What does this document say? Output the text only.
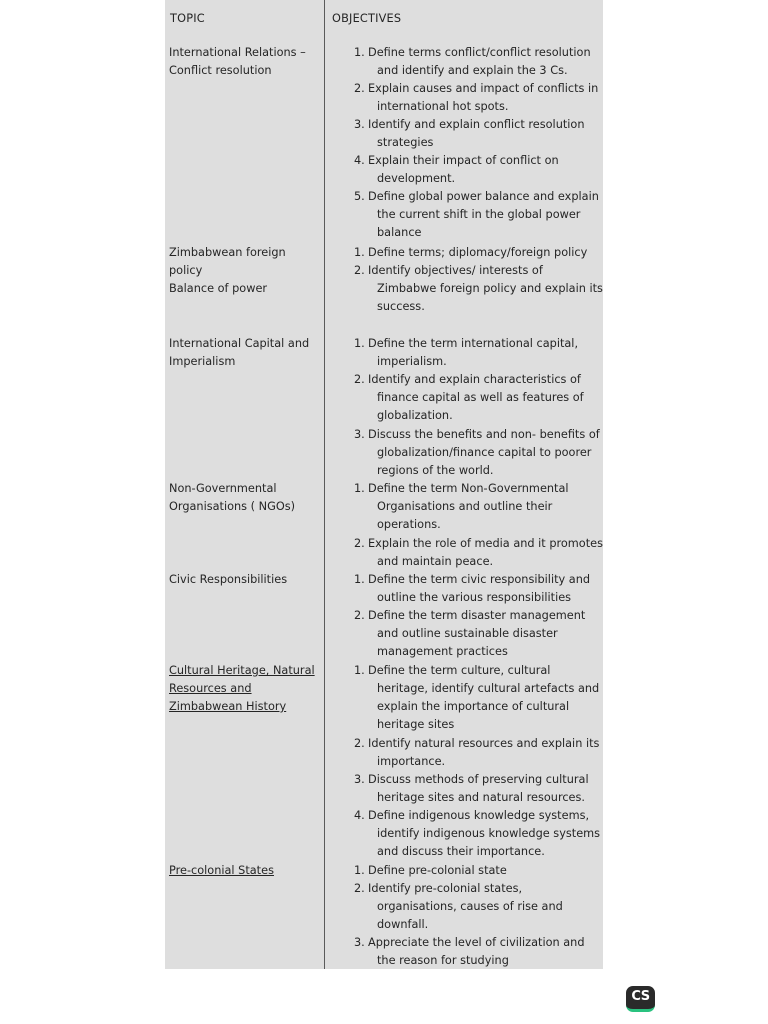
TOPIC	OBJECTIVES
International Relations –
Conflict resolution
Zimbabwean foreign
policy
Balance of power
International Capital and
Imperialism
Non-Governmental
Organisations ( NGOs)
Civic Responsibilities
Cultural Heritage, Natural
Resources and
Zimbabwean History
Pre-colonial States
1. Define terms conflict/conflict resolution
and identify and explain the 3 Cs.
2. Explain causes and impact of conflicts in
international hot spots.
3. Identify and explain conflict resolution
strategies
4. Explain their impact of conflict on
development.
5. Define global power balance and explain
the current shift in the global power
balance
1. Define terms; diplomacy/foreign policy
2. Identify objectives/ interests of
Zimbabwe foreign policy and explain its
success.
1. Define the term international capital,
imperialism.
2. Identify and explain characteristics of
finance capital as well as features of
globalization.
3. Discuss the benefits and non- benefits of
globalization/finance capital to poorer
regions of the world.
1. Define the term Non-Governmental
Organisations and outline their
operations.
2. Explain the role of media and it promotes
and maintain peace.
1. Define the term civic responsibility and
outline the various responsibilities
2. Define the term disaster management
and outline sustainable disaster
management practices
1. Define the term culture, cultural
heritage, identify cultural artefacts and
explain the importance of cultural
heritage sites
2. Identify natural resources and explain its
importance.
3. Discuss methods of preserving cultural
heritage sites and natural resources.
4. Define indigenous knowledge systems,
identify indigenous knowledge systems
and discuss their importance.
1. Define pre-colonial state
2. Identify pre-colonial states,
organisations, causes of rise and
downfall.
3. Appreciate the level of civilization and
the reason for studying
CS
